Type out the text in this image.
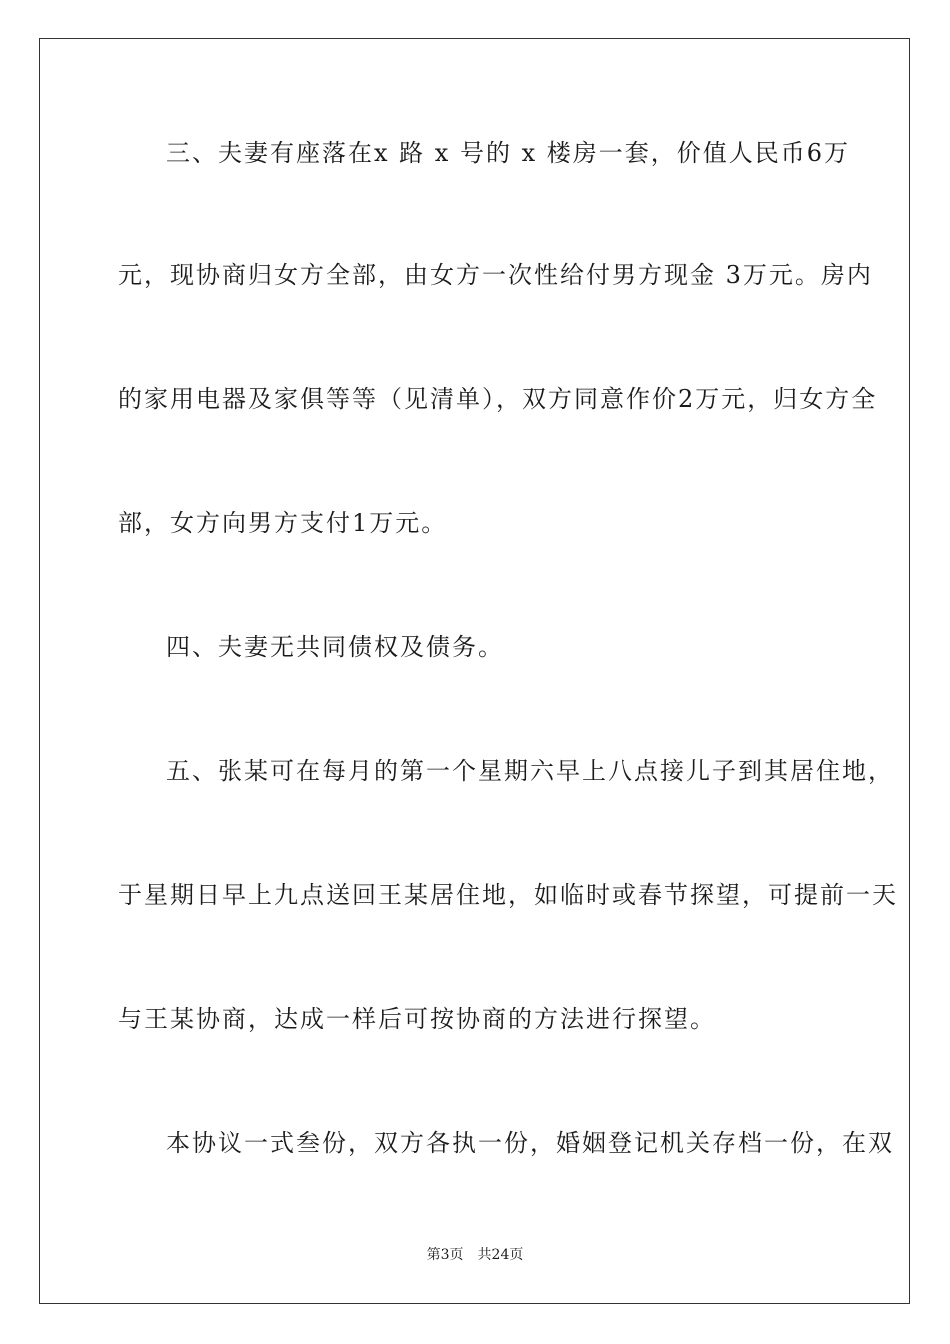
三、夫妻有座落在x 路 x 号的 x 楼房一套，价值人民币6万
元，现协商归女方全部，由女方一次性给付男方现金 3万元。房内
的家用电器及家俱等等（见清单），双方同意作价2万元，归女方全
部，女方向男方支付1万元。
四、夫妻无共同债权及债务。
五、张某可在每月的第一个星期六早上八点接儿子到其居住地，
于星期日早上九点送回王某居住地，如临时或春节探望，可提前一天
与王某协商，达成一样后可按协商的方法进行探望。
本协议一式叁份，双方各执一份，婚姻登记机关存档一份，在双
第3页 共24页
